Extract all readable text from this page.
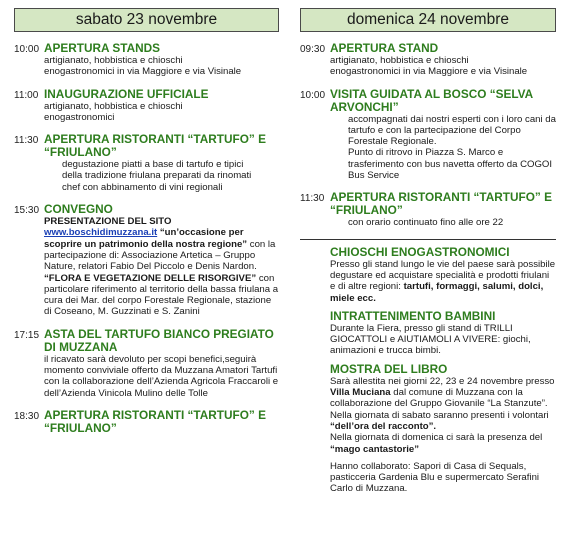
sabato 23 novembre
10:00 APERTURA STANDS
artigianato, hobbistica e chioschi
enogastronomici in via Maggiore e via Visinale
11:00 INAUGURAZIONE UFFICIALE
artigianato, hobbistica e chioschi
enogastronomici
11:30 APERTURA RISTORANTI “TARTUFO” E “FRIULANO”
degustazione piatti a base di tartufo e tipici
della tradizione friulana preparati da rinomati
chef con abbinamento di vini regionali
15:30 CONVEGNO
PRESENTAZIONE DEL SITO
www.boschidimuzzana.it “un’occasione per scoprire un patrimonio della nostra regione” con la partecipazione di: Associazione Artetica – Gruppo Nature, relatori Fabio Del Piccolo e Denis Nardon.
“FLORA E VEGETAZIONE DELLE RISORGIVE” con particolare riferimento al territorio della bassa friulana a cura dei Mar. del corpo Forestale Regionale, stazione di Coseano, M. Guzzinati e S. Zanini
17:15 ASTA DEL TARTUFO BIANCO PREGIATO DI MUZZANA
il ricavato sarà devoluto per scopi benefici,seguirà momento conviviale offerto da Muzzana Amatori Tartufi con la collaborazione dell’Azienda Agricola Fraccaroli e dell’Azienda Vinicola Mulino delle Tolle
18:30 APERTURA RISTORANTI “TARTUFO” E “FRIULANO”
domenica 24 novembre
09:30 APERTURA STAND
artigianato, hobbistica e chioschi
enogastronomici in via Maggiore e via Visinale
10:00 VISITA GUIDATA AL BOSCO “SELVA ARVONCHI”
accompagnati dai nostri esperti con i loro cani da tartufo e con la partecipazione del Corpo Forestale Regionale.
Punto di ritrovo in Piazza S. Marco e trasferimento con bus navetta offerto da COGOI Bus Service
11:30 APERTURA RISTORANTI “TARTUFO” E “FRIULANO”
con orario continuato fino alle ore 22
CHIOSCHI ENOGASTRONOMICI
Presso gli stand lungo le vie del paese sarà possibile degustare ed acquistare specialità e prodotti friulani e di altre regioni: tartufi, formaggi, salumi, dolci, miele ecc.
INTRATTENIMENTO BAMBINI
Durante la Fiera, presso gli stand di TRILLI GIOCATTOLI e AIUTIAMOLI A VIVERE: giochi, animazioni e trucca bimbi.
MOSTRA DEL LIBRO
Sarà allestita nei giorni 22, 23 e 24 novembre presso Villa Muciana dal comune di Muzzana con la collaborazione del Gruppo Giovanile “La Stanzute”.
Nella giornata di sabato saranno presenti i volontari “dell’ora del racconto”.
Nella giornata di domenica ci sarà la presenza del “mago cantastorie”
Hanno collaborato: Sapori di Casa di Sequals, pasticceria Gardenia Blu e supermercato Serafini Carlo di Muzzana.
